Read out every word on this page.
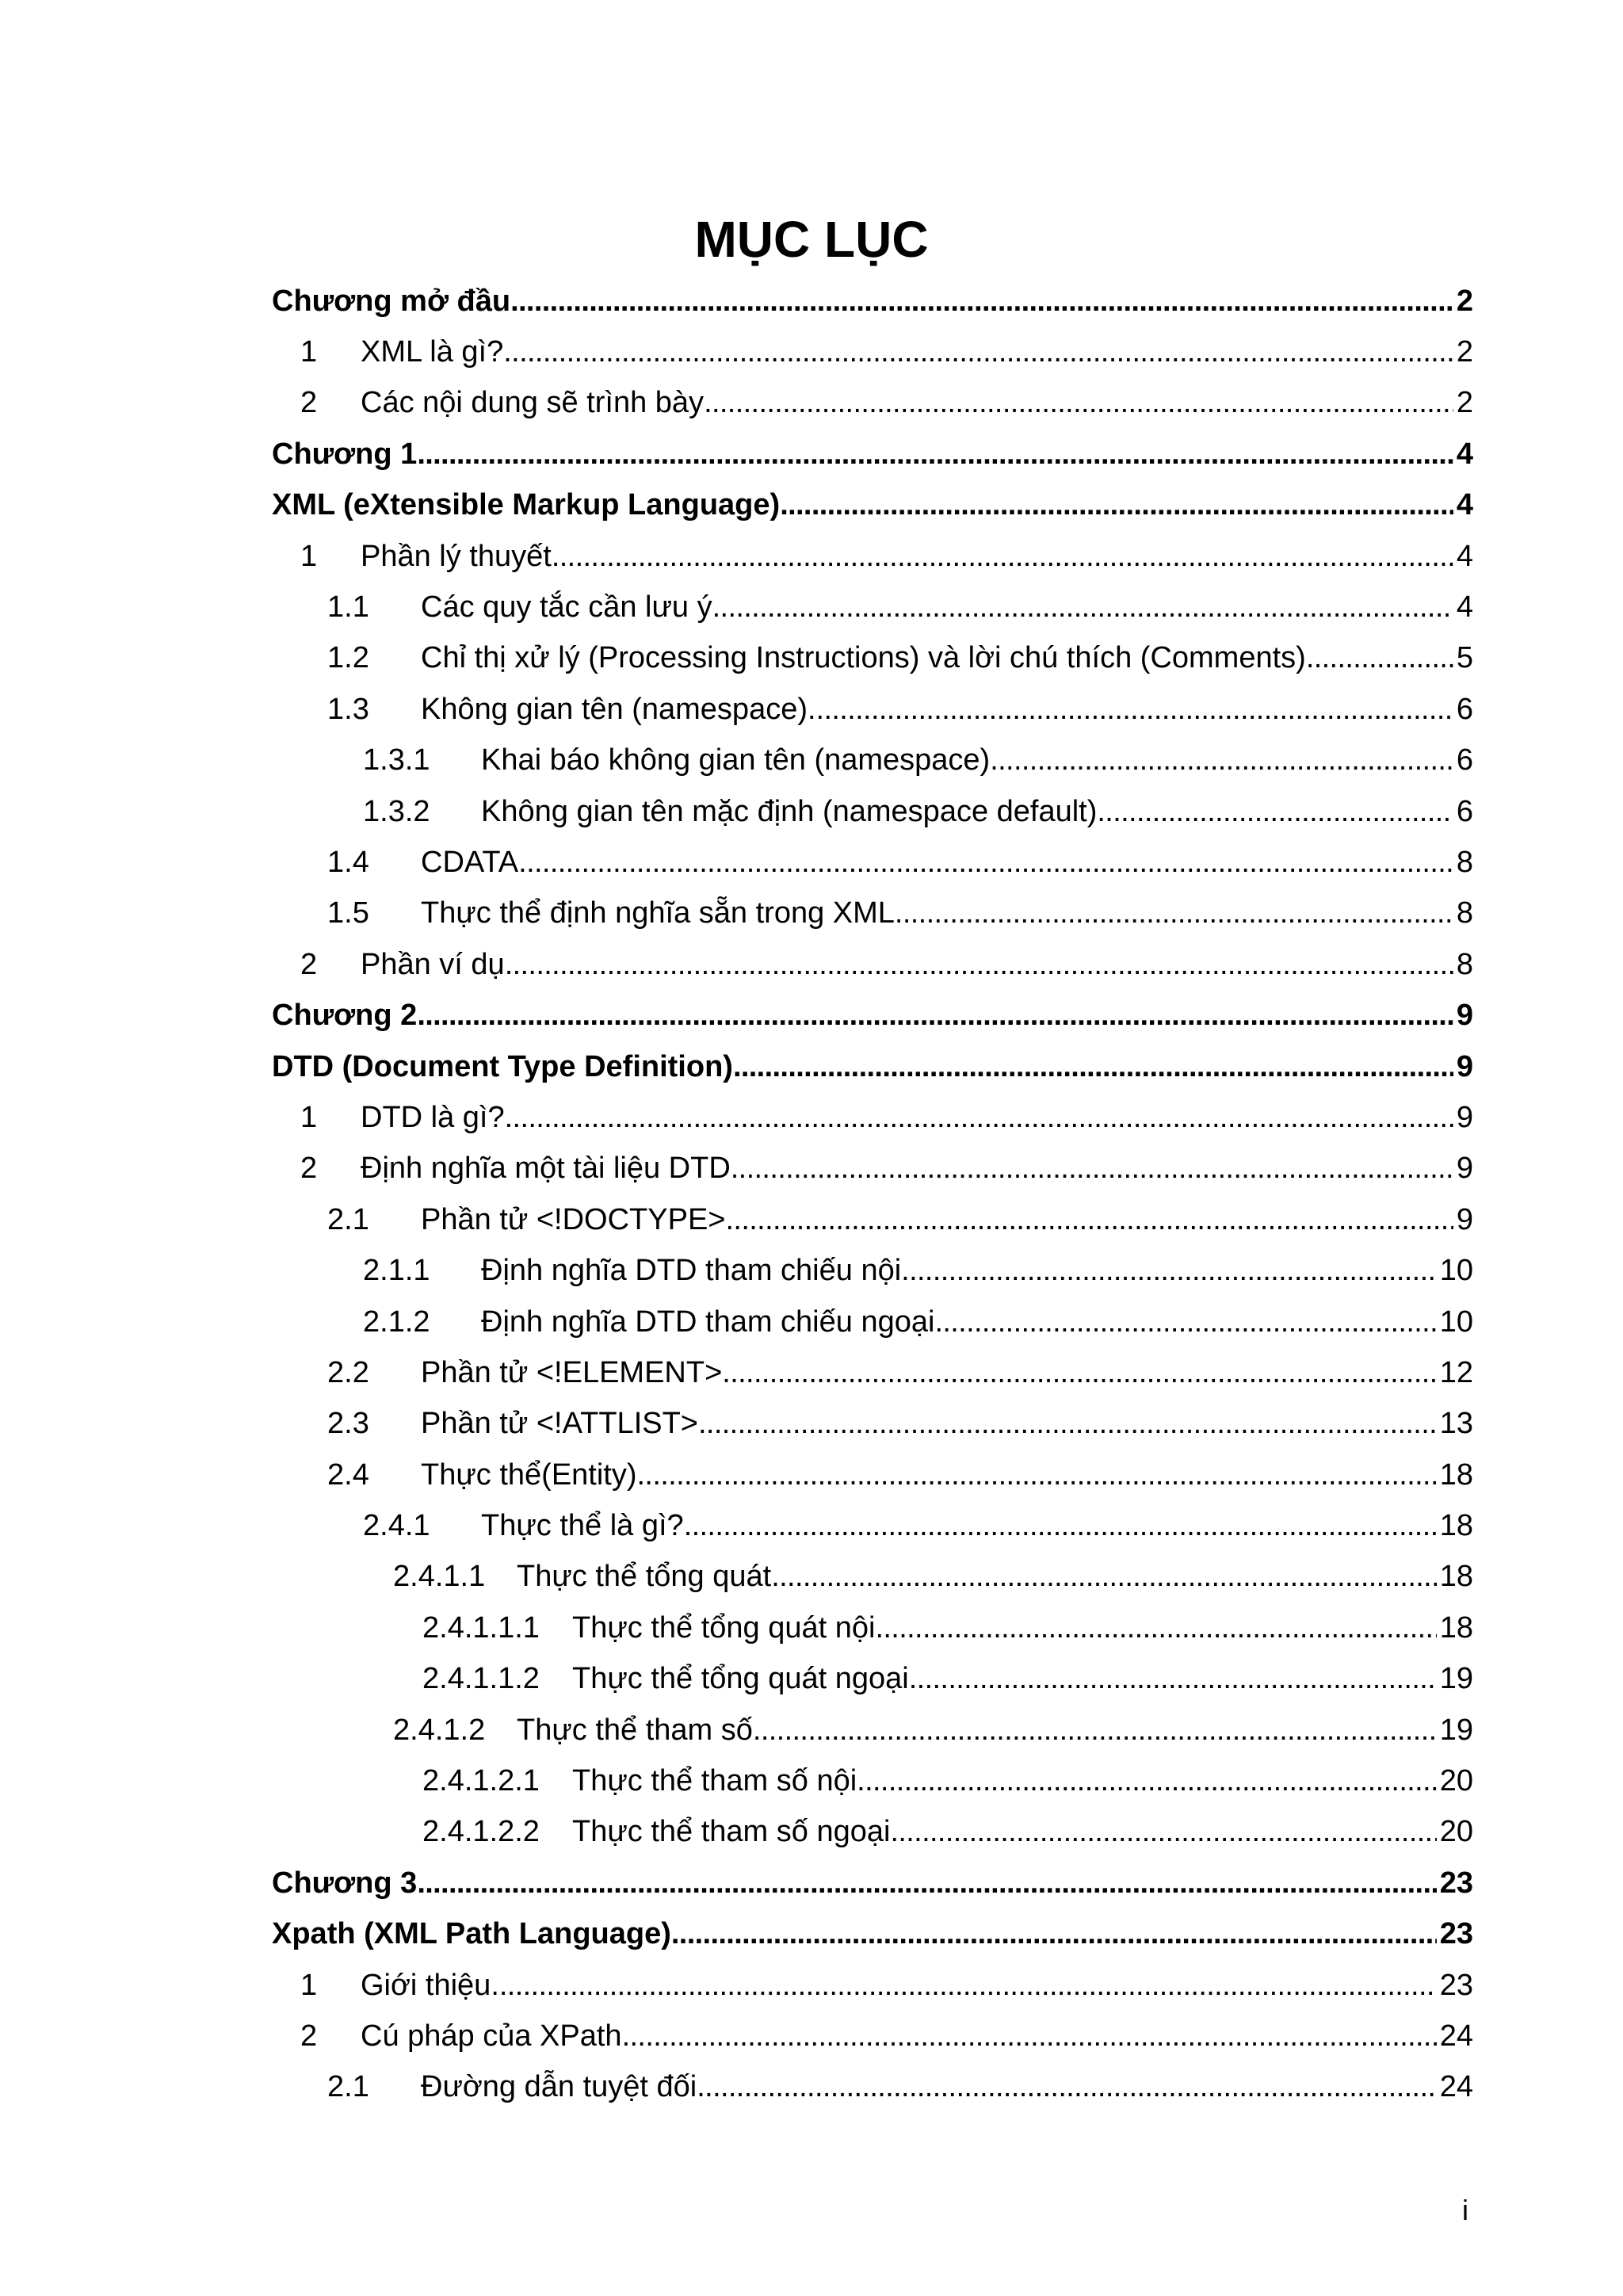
MỤC LỤC
Chương mở đầu . . .	2
1 XML là gì? . . .	2
2 Các nội dung sẽ trình bày . . .	2
Chương 1 . . .	4
XML (eXtensible Markup Language) . . .	4
1 Phần lý thuyết . . .	4
1.1 Các quy tắc cần lưu ý . . .	4
1.2 Chỉ thị xử lý (Processing Instructions) và lời chú thích (Comments) . . .	5
1.3 Không gian tên (namespace). . . .	6
1.3.1 Khai báo không gian tên (namespace) . . .	6
1.3.2 Không gian tên mặc định (namespace default) . . .	6
1.4 CDATA . . .	8
1.5 Thực thể định nghĩa sẵn trong XML . . .	8
2 Phần ví dụ . . .	8
Chương 2 . . .	9
DTD (Document Type Definition) . . .	9
1 DTD là gì? . . .	9
2 Định nghĩa một tài liệu DTD . . .	9
2.1 Phần tử <!DOCTYPE> . . .	9
2.1.1 Định nghĩa DTD tham chiếu nội . . .	10
2.1.2 Định nghĩa DTD tham chiếu ngoại . . .	10
2.2 Phần tử <!ELEMENT> . . .	12
2.3 Phần tử <!ATTLIST> . . .	13
2.4 Thực thể(Entity) . . .	18
2.4.1 Thực thể là gì? . . .	18
2.4.1.1 Thực thể tổng quát . . .	18
2.4.1.1.1 Thực thể tổng quát nội . . .	18
2.4.1.1.2 Thực thể tổng quát ngoại . . .	19
2.4.1.2 Thực thể tham số . . .	19
2.4.1.2.1 Thực thể tham số nội . . .	20
2.4.1.2.2 Thực thể tham số ngoại . . .	20
Chương 3 . . .	23
Xpath (XML Path Language) . . .	23
1 Giới thiệu. . . .	23
2 Cú pháp của XPath . . .	24
2.1 Đường dẫn tuyệt đối . . .	24
i
